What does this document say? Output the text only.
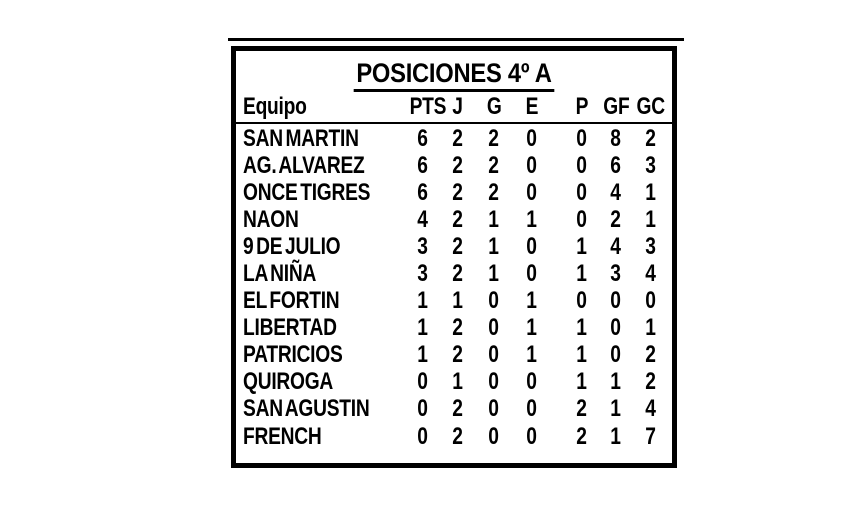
POSICIONES 4º A
Equipo	PTS J G	E	P GF GC
SAN MARTIN	6	2	2	0	0 8	2
AG. ALVAREZ	6	2	2	0	0 6	3
ONCE TIGRES	6	2	2	0	0 4	1
NAON	4	2	1	1	0 2	1
9 DE JULIO	3	2	1	0	1 4	3
LA NIÑA	3	2	1	0	1 3	4
EL FORTIN	1	1	0	1	0 0	0
LIBERTAD	1	2	0	1	1 0	1
PATRICIOS	1	2	0	1	1 0	2
QUIROGA	0	1	0	0	1 1	2
SAN AGUSTIN	0	2	0	0	2 1	4
FRENCH	0	2	0	0	2 1	7
